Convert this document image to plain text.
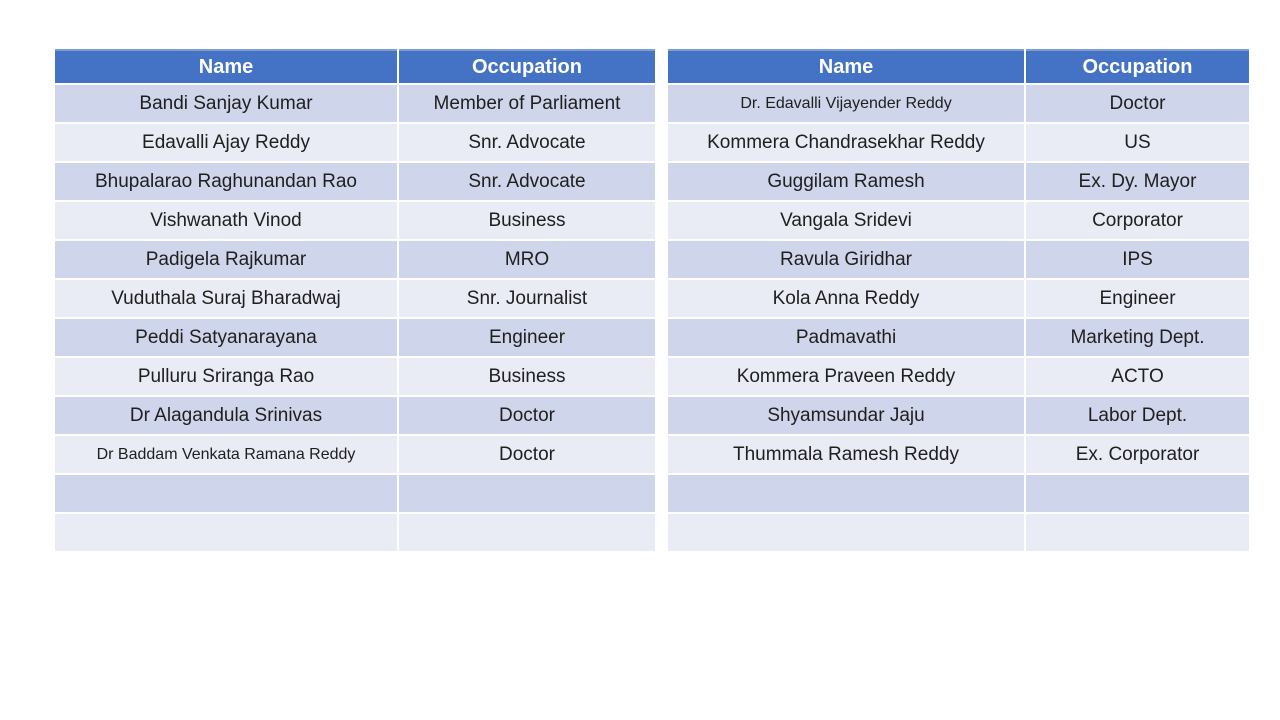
Name	Occupation
Bandi Sanjay Kumar	Member of Parliament
Edavalli Ajay Reddy	Snr. Advocate
Bhupalarao Raghunandan Rao	Snr. Advocate
Vishwanath Vinod	Business
Padigela Rajkumar	MRO
Vuduthala Suraj Bharadwaj	Snr. Journalist
Peddi Satyanarayana	Engineer
Pulluru Sriranga Rao	Business
Dr Alagandula Srinivas	Doctor
Dr Baddam Venkata Ramana Reddy	Doctor

Name	Occupation
Dr. Edavalli Vijayender Reddy	Doctor
Kommera Chandrasekhar Reddy	US
Guggilam Ramesh	Ex. Dy. Mayor
Vangala Sridevi	Corporator
Ravula Giridhar	IPS
Kola Anna Reddy	Engineer
Padmavathi	Marketing Dept.
Kommera Praveen Reddy	ACTO
Shyamsundar Jaju	Labor Dept.
Thummala Ramesh Reddy	Ex. Corporator
